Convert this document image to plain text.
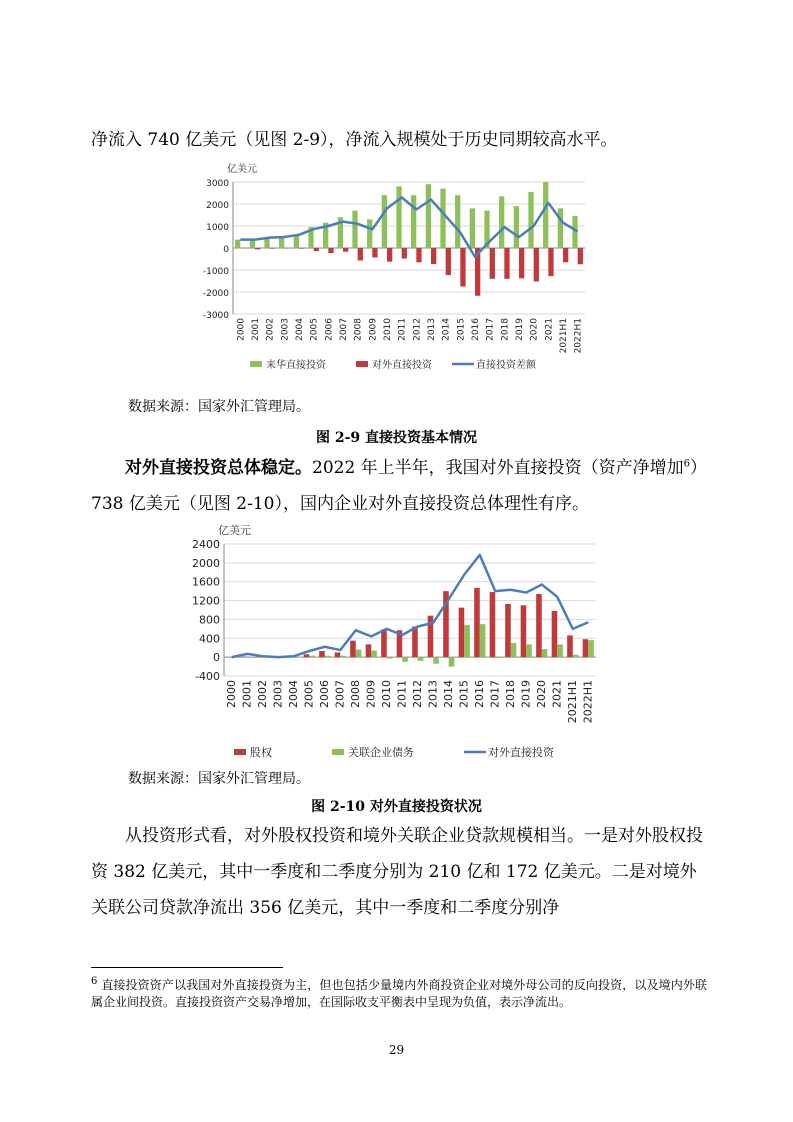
净流入 740 亿美元（见图 2-9），净流入规模处于历史同期较高水平。

亿美元
3000
2000
1000
0
-1000
-2000
-3000
2000 2001 2002 2003 2004 2005 2006 2007 2008 2009 2010 2011 2012 2013 2014 2015 2016 2017 2018 2019 2020 2021 2021H1 2022H1
来华直接投资	对外直接投资	直接投资差额
数据来源：国家外汇管理局。
图 2-9 直接投资基本情况

对外直接投资总体稳定。2022 年上半年，我国对外直接投资（资产净增加$^6$）738 亿美元（见图 2-10），国内企业对外直接投资总体理性有序。

亿美元
2400
2000
1600
1200
800
400
0
-400
2000 2001 2002 2003 2004 2005 2006 2007 2008 2009 2010 2011 2012 2013 2014 2015 2016 2017 2018 2019 2020 2021 2021H1 2022H1
股权	关联企业债务	对外直接投资
数据来源：国家外汇管理局。
图 2-10 对外直接投资状况

从投资形式看，对外股权投资和境外关联企业贷款规模相当。一是对外股权投资 382 亿美元，其中一季度和二季度分别为 210 亿和 172 亿美元。二是对境外关联公司贷款净流出 356 亿美元，其中一季度和二季度分别净

$^6$ 直接投资资产以我国对外直接投资为主，但也包括少量境内外商投资企业对境外母公司的反向投资，以及境内外联属企业间投资。直接投资资产交易净增加，在国际收支平衡表中呈现为负值，表示净流出。
29
